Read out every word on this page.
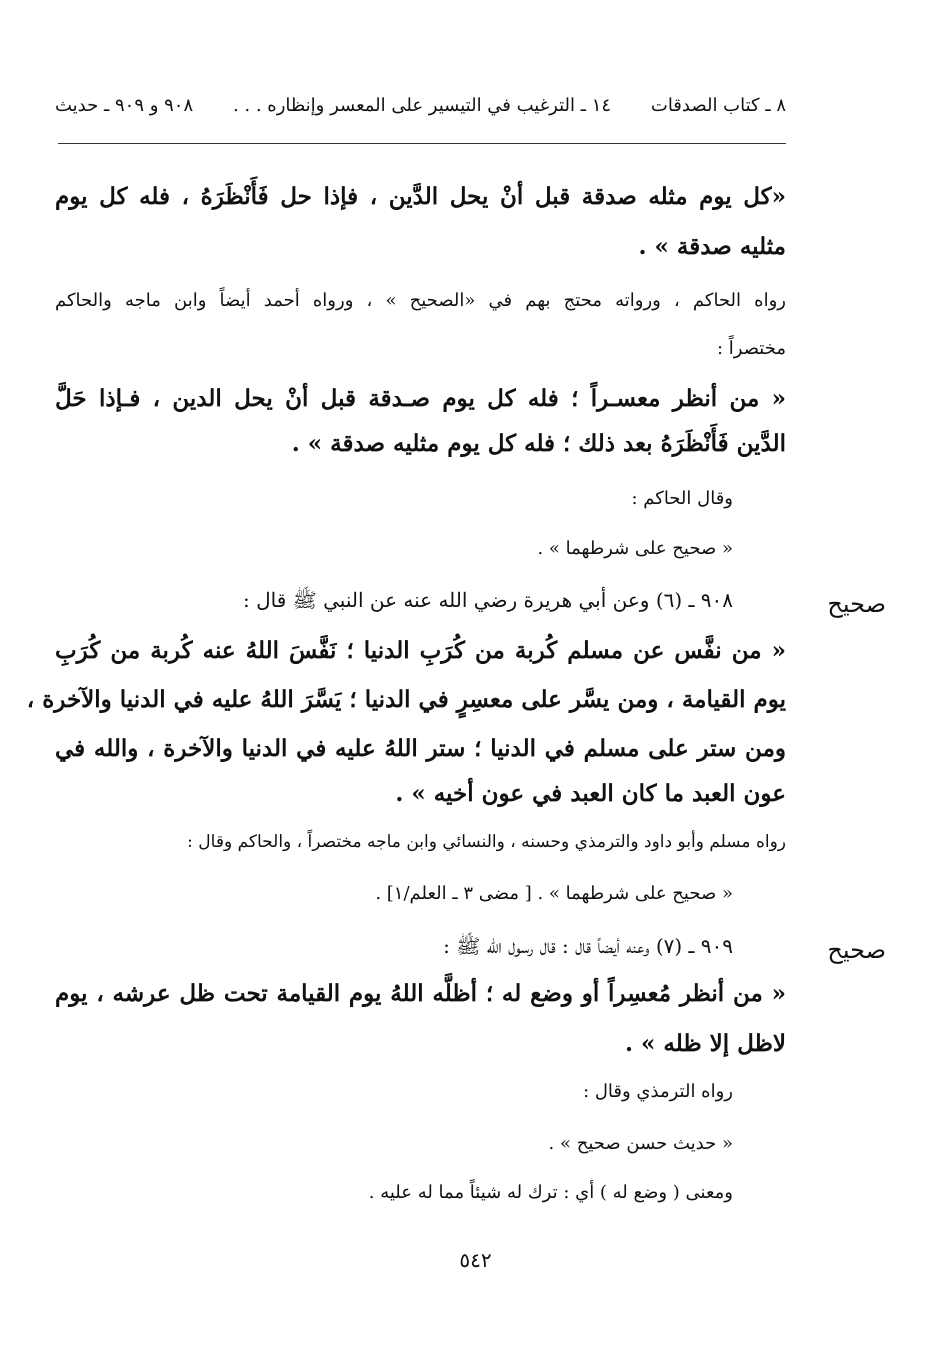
٨ ـ كتاب الصدقات
١٤ ـ الترغيب في التيسير على المعسر وإنظاره . . .
٩٠٨ و ٩٠٩ ـ حديث
«كل يوم مثله صدقة قبل أنْ يحل الدَّين ، فإذا حل فَأَنْظَرَهُ ، فله كل يوم
مثليه صدقة » .
رواه الحاكم ، ورواته محتج بهم في «الصحيح » ، ورواه أحمد أيضاً وابن ماجه والحاكم
مختصراً :
« من أنظر معسـراً ؛ فله كل يوم صـدقة قبل أنْ يحل الدين ، فـإذا حَلَّ
الدَّين فَأَنْظَرَهُ بعد ذلك ؛ فله كل يوم مثليه صدقة » .
وقال الحاكم :
« صحيح على شرطهما » .
صحيح
٩٠٨ ـ (٦) وعن أبي هريرة رضي الله عنه عن النبي ﷺ قال :
« من نفَّس عن مسلم كُربة من كُرَبِ الدنيا ؛ نَفَّسَ اللهُ عنه كُربة من كُرَبِ
يوم القيامة ، ومن يسَّر على معسِرٍ في الدنيا ؛ يَسَّرَ اللهُ عليه في الدنيا والآخرة ،
ومن ستر على مسلم في الدنيا ؛ ستر اللهُ عليه في الدنيا والآخرة ، والله في
عون العبد ما كان العبد في عون أخيه » .
رواه مسلم وأبو داود والترمذي وحسنه ، والنسائي وابن ماجه مختصراً ، والحاكم وقال :
« صحيح على شرطهما » . [ مضى ٣ ـ العلم/١] .
صحيح
٩٠٩ ـ (٧) وعنه أيضاً قال : قال رسول الله ﷺ :
« من أنظر مُعسِراً أو وضع له ؛ أظلَّه اللهُ يوم القيامة تحت ظل عرشه ، يوم
لاظل إلا ظله » .
رواه الترمذي وقال :
« حديث حسن صحيح » .
ومعنى ( وضع له ) أي : ترك له شيئاً مما له عليه .
٥٤٢
